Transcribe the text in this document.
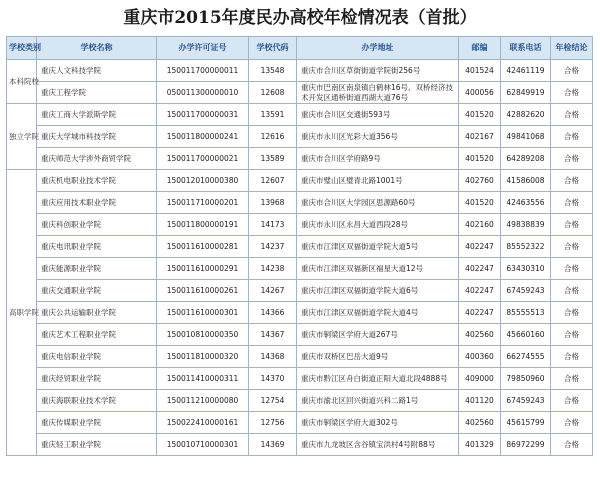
重庆市2015年度民办高校年检情况表（首批）
学校类别	学校名称	办学许可证号	学校代码	办学地址	邮编	联系电话	年检结论
本科院校	重庆人文科技学院	150011700000011	13548	重庆市合川区草街街道学院街256号	401524	42461119	合格
	重庆工程学院	050011300000010	12608	重庆市巴南区南泉镇白鹤林16号、双桥经济技术开发区通桥街道西湖大道76号	400056	62849919	合格
独立学院	重庆工商大学派斯学院	150011700000031	13591	重庆市合川区交通街593号	401520	42882620	合格
	重庆大学城市科技学院	150011800000241	12616	重庆市永川区光彩大道356号	402167	49841068	合格
	重庆师范大学涉外商贸学院	150011700000021	13589	重庆市合川区学府路9号	401520	64289208	合格
高职学院	重庆机电职业技术学院	150012010000380	12607	重庆市璧山区璧青北路1001号	402760	41586008	合格
	重庆应用技术职业学院	150011710000201	13968	重庆市合川区大学园区思源路60号	401520	42463556	合格
	重庆科创职业学院	150011800000191	14173	重庆市永川区永昌大道西段28号	402160	49838839	合格
	重庆电讯职业学院	150011610000281	14237	重庆市江津区双福街道学院大道5号	402247	85552322	合格
	重庆能源职业学院	150011610000291	14238	重庆市江津区双福新区福星大道12号	402247	63430310	合格
	重庆交通职业学院	150011610000261	14267	重庆市江津区双福街道学院大道6号	402247	67459243	合格
	重庆公共运输职业学院	150011610000301	14366	重庆市江津区双福街道学院大道4号	402247	85555513	合格
	重庆艺术工程职业学院	150010810000350	14367	重庆市铜梁区学府大道267号	402560	45660160	合格
	重庆电信职业学院	150011810000320	14368	重庆市双桥区巴岳大道9号	400360	66274555	合格
	重庆经贸职业学院	150011410000311	14370	重庆市黔江区舟白街道正阳大道北段4888号	409000	79850960	合格
	重庆海联职业技术学院	150011210000080	12754	重庆市渝北区回兴街道兴科二路1号	401120	67459243	合格
	重庆传媒职业学院	150022410000161	12756	重庆市铜梁区学府大道302号	402560	45615799	合格
	重庆轻工职业学院	150010710000301	14369	重庆市九龙坡区含谷镇宝洪村4号附88号	401329	86972299	合格
